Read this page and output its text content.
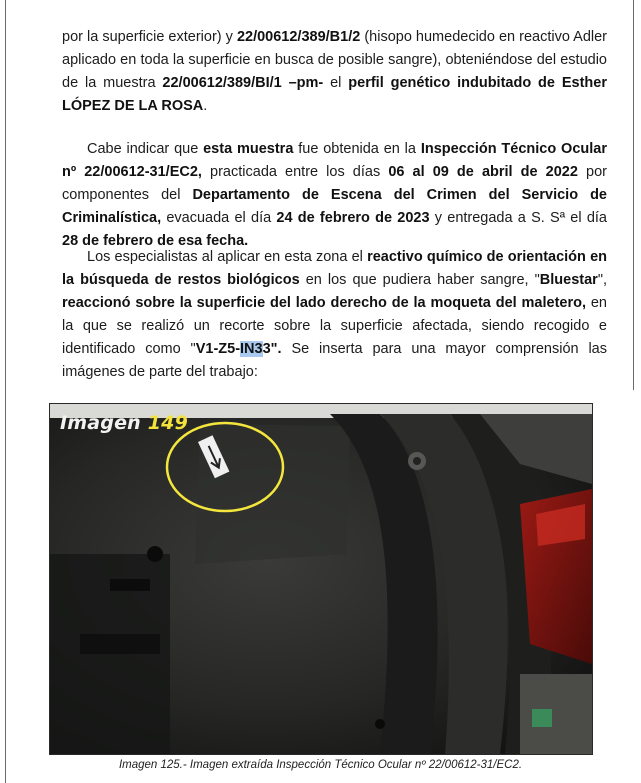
por la superficie exterior) y 22/00612/389/B1/2 (hisopo humedecido en reactivo Adler aplicado en toda la superficie en busca de posible sangre), obteniéndose del estudio de la muestra 22/00612/389/BI/1 –pm- el perfil genético indubitado de Esther LÓPEZ DE LA ROSA.

Cabe indicar que esta muestra fue obtenida en la Inspección Técnico Ocular nº 22/00612-31/EC2, practicada entre los días 06 al 09 de abril de 2022 por componentes del Departamento de Escena del Crimen del Servicio de Criminalística, evacuada el día 24 de febrero de 2023 y entregada a S. Sª el día 28 de febrero de esa fecha.

Los especialistas al aplicar en esta zona el reactivo químico de orientación en la búsqueda de restos biológicos en los que pudiera haber sangre, "Bluestar", reaccionó sobre la superficie del lado derecho de la moqueta del maletero, en la que se realizó un recorte sobre la superficie afectada, siendo recogido e identificado como "V1-Z5-IN33". Se inserta para una mayor comprensión las imágenes de parte del trabajo:

Imagen 149
Imagen 125.- Imagen extraída Inspección Técnico Ocular nº 22/00612-31/EC2.
